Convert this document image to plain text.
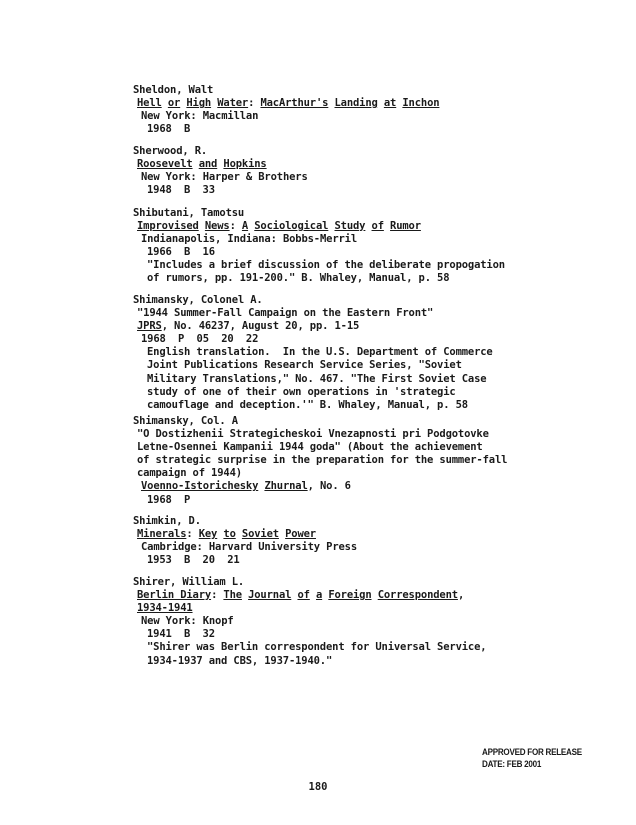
Sheldon, Walt
Hell or High Water: MacArthur's Landing at Inchon
New York: Macmillan
1968  B
Sherwood, R.
Roosevelt and Hopkins
New York: Harper & Brothers
1948  B  33
Shibutani, Tamotsu
Improvised News: A Sociological Study of Rumor
Indianapolis, Indiana: Bobbs-Merril
1966  B  16
"Includes a brief discussion of the deliberate propogation
of rumors, pp. 191-200." B. Whaley, Manual, p. 58
Shimansky, Colonel A.
"1944 Summer-Fall Campaign on the Eastern Front"
JPRS, No. 46237, August 20, pp. 1-15
1968  P  05  20  22
English translation.  In the U.S. Department of Commerce
Joint Publications Research Service Series, "Soviet
Military Translations," No. 467. "The First Soviet Case
study of one of their own operations in 'strategic
camouflage and deception.'" B. Whaley, Manual, p. 58
Shimansky, Col. A
"O Dostizhenii Strategicheskoi Vnezapnosti pri Podgotovke
Letne-Osennei Kampanii 1944 goda" (About the achievement
of strategic surprise in the preparation for the summer-fall
campaign of 1944)
Voenno-Istorichesky Zhurnal, No. 6
1968  P
Shimkin, D.
Minerals: Key to Soviet Power
Cambridge: Harvard University Press
1953  B  20  21
Shirer, William L.
Berlin Diary: The Journal of a Foreign Correspondent,
1934-1941
New York: Knopf
1941  B  32
"Shirer was Berlin correspondent for Universal Service,
1934-1937 and CBS, 1937-1940."
APPROVED FOR RELEASE
DATE: FEB 2001
180
